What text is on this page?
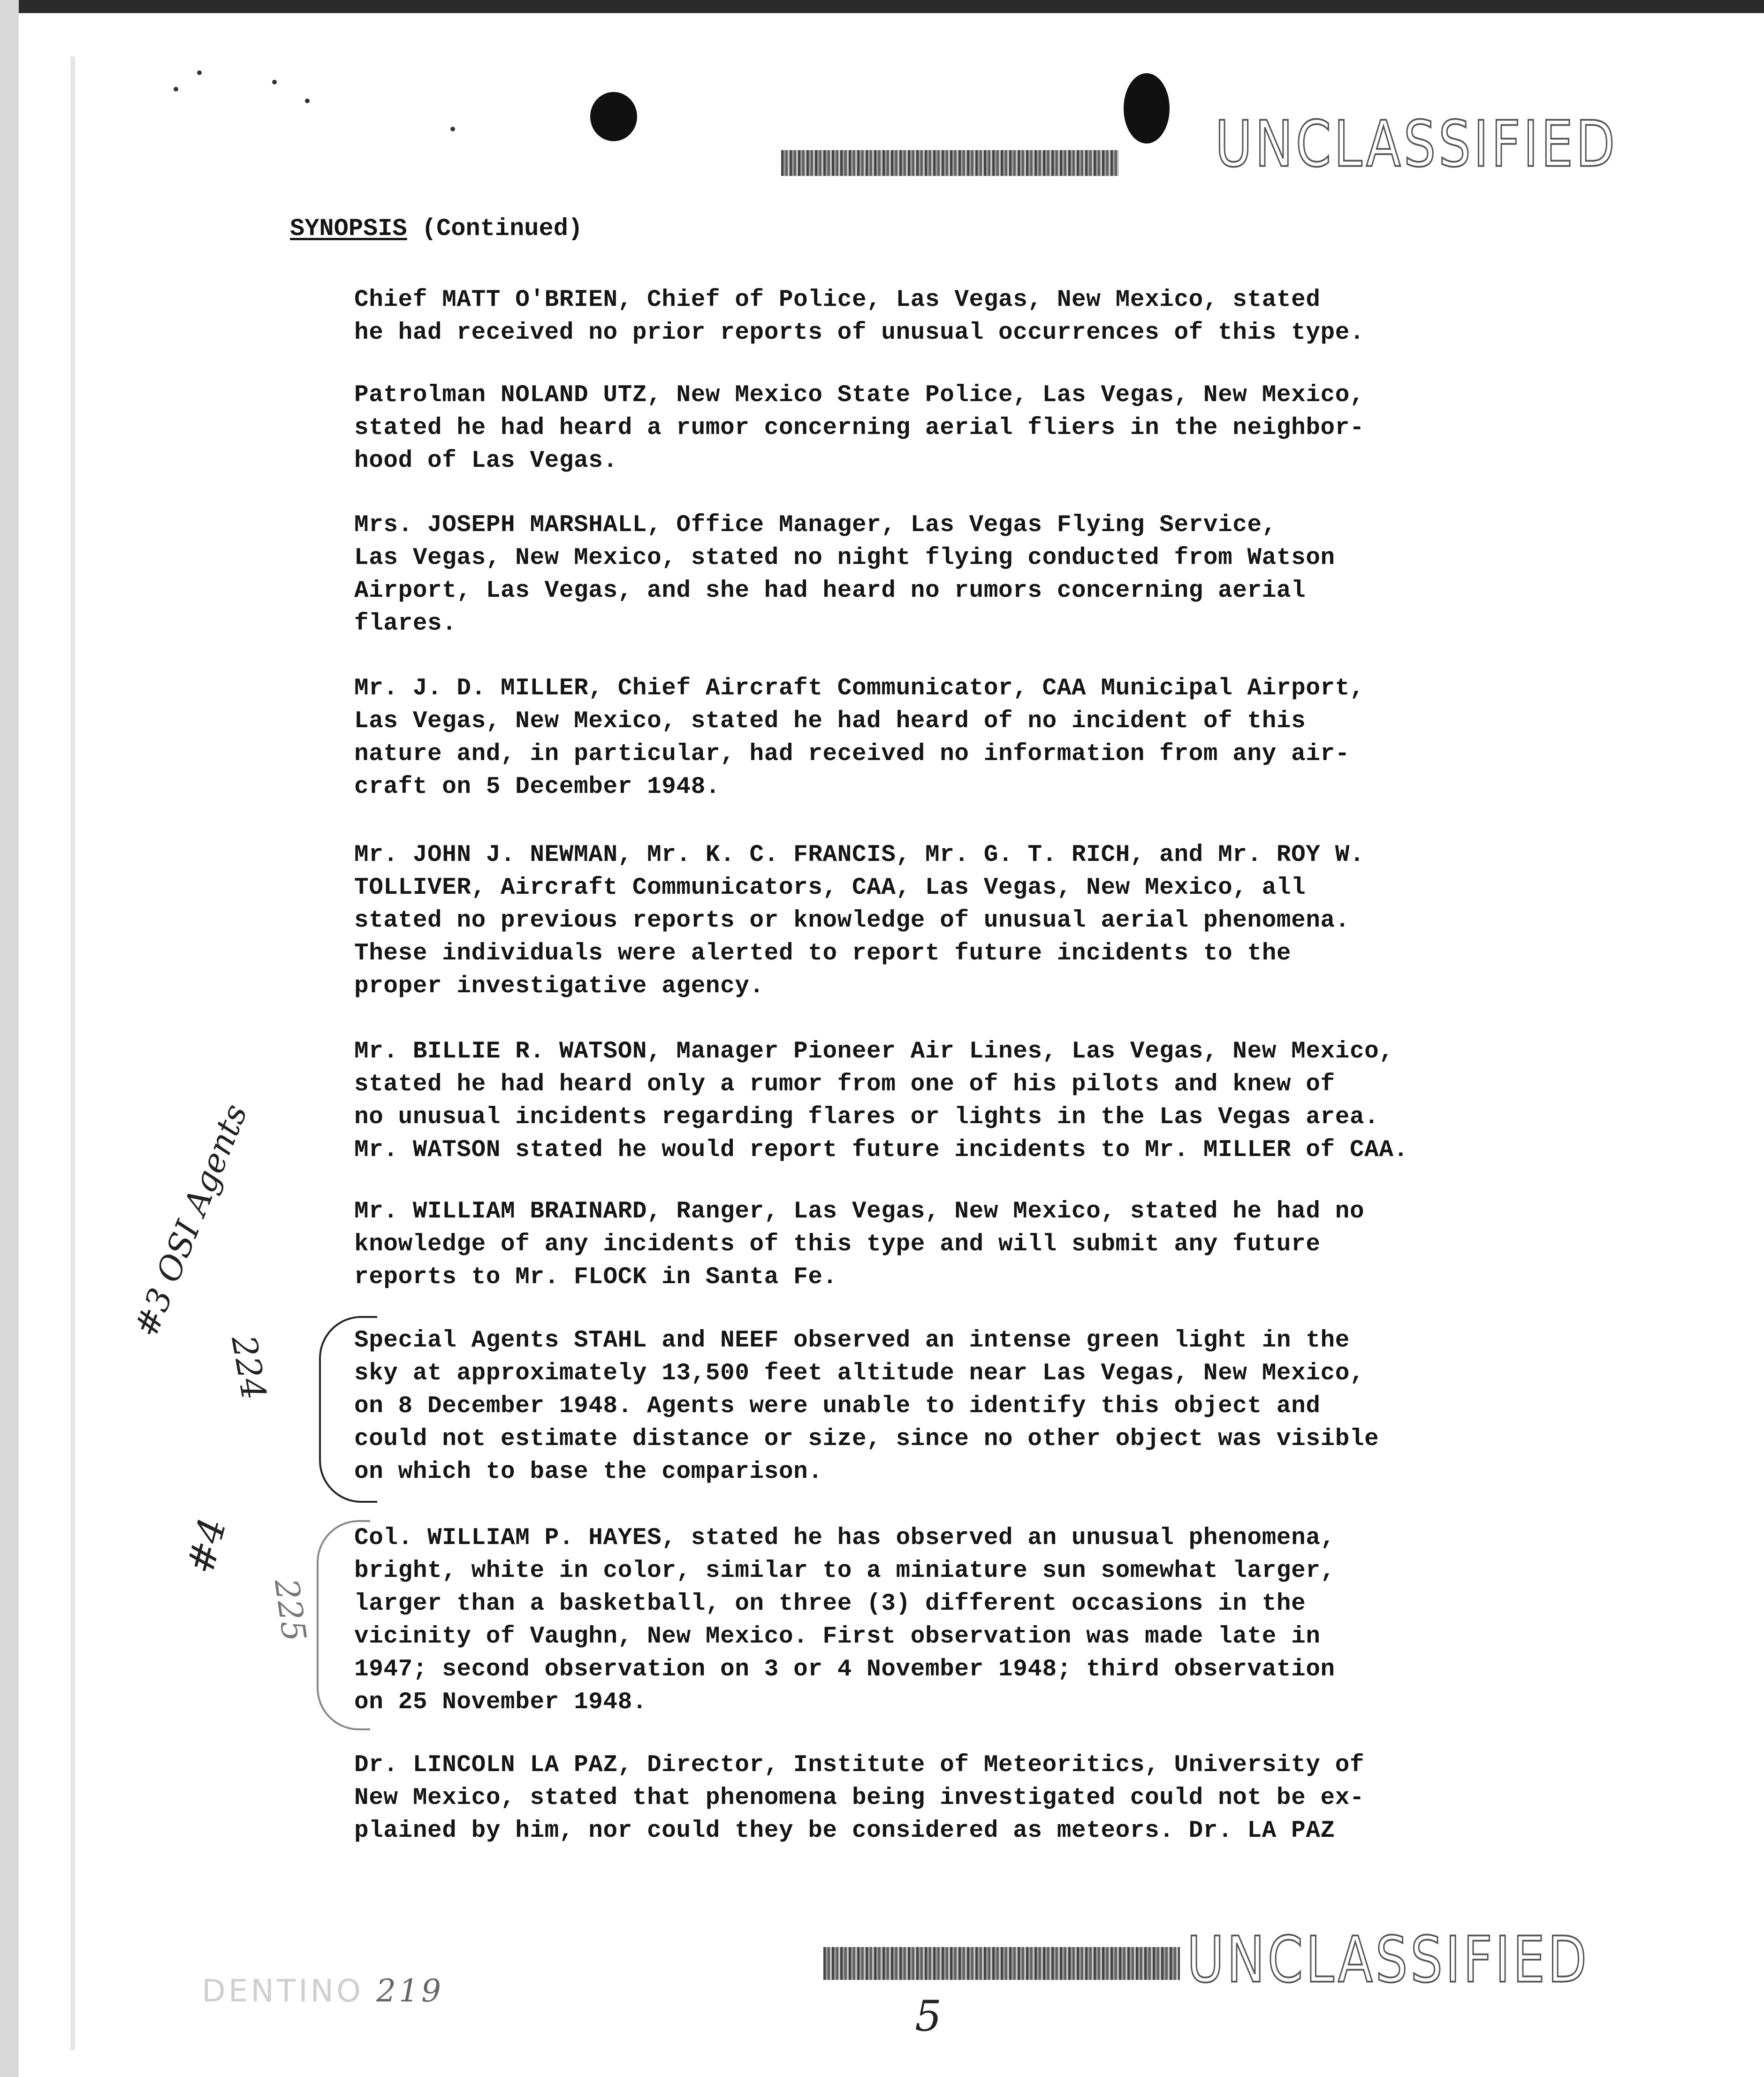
UNCLASSIFIED
UNCLASSIFIED
SYNOPSIS (Continued)
Chief MATT O'BRIEN, Chief of Police, Las Vegas, New Mexico, stated
he had received no prior reports of unusual occurrences of this type.
Patrolman NOLAND UTZ, New Mexico State Police, Las Vegas, New Mexico,
stated he had heard a rumor concerning aerial fliers in the neighbor-
hood of Las Vegas.
Mrs. JOSEPH MARSHALL, Office Manager, Las Vegas Flying Service,
Las Vegas, New Mexico, stated no night flying conducted from Watson
Airport, Las Vegas, and she had heard no rumors concerning aerial
flares.
Mr. J. D. MILLER, Chief Aircraft Communicator, CAA Municipal Airport,
Las Vegas, New Mexico, stated he had heard of no incident of this
nature and, in particular, had received no information from any air-
craft on 5 December 1948.
Mr. JOHN J. NEWMAN, Mr. K. C. FRANCIS, Mr. G. T. RICH, and Mr. ROY W.
TOLLIVER, Aircraft Communicators, CAA, Las Vegas, New Mexico, all
stated no previous reports or knowledge of unusual aerial phenomena.
These individuals were alerted to report future incidents to the
proper investigative agency.
Mr. BILLIE R. WATSON, Manager Pioneer Air Lines, Las Vegas, New Mexico,
stated he had heard only a rumor from one of his pilots and knew of
no unusual incidents regarding flares or lights in the Las Vegas area.
Mr. WATSON stated he would report future incidents to Mr. MILLER of CAA.
Mr. WILLIAM BRAINARD, Ranger, Las Vegas, New Mexico, stated he had no
knowledge of any incidents of this type and will submit any future
reports to Mr. FLOCK in Santa Fe.
Special Agents STAHL and NEEF observed an intense green light in the
sky at approximately 13,500 feet altitude near Las Vegas, New Mexico,
on 8 December 1948. Agents were unable to identify this object and
could not estimate distance or size, since no other object was visible
on which to base the comparison.
Col. WILLIAM P. HAYES, stated he has observed an unusual phenomena,
bright, white in color, similar to a miniature sun somewhat larger,
larger than a basketball, on three (3) different occasions in the
vicinity of Vaughn, New Mexico. First observation was made late in
1947; second observation on 3 or 4 November 1948; third observation
on 25 November 1948.
Dr. LINCOLN LA PAZ, Director, Institute of Meteoritics, University of
New Mexico, stated that phenomena being investigated could not be ex-
plained by him, nor could they be considered as meteors. Dr. LA PAZ
#3 OSI Agents
224
#4
225
DENTINO 219
5
